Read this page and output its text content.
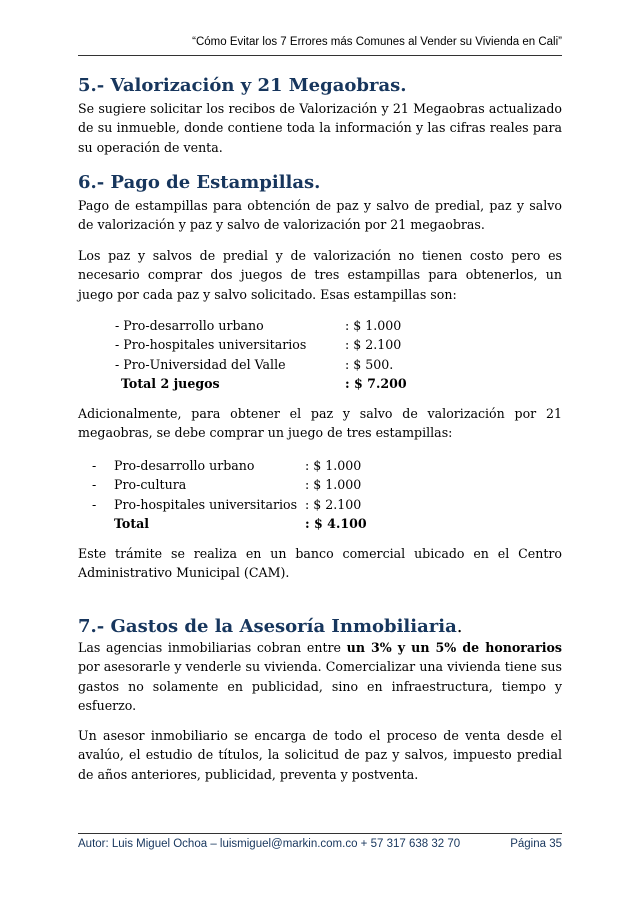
“Cómo Evitar los 7 Errores más Comunes al Vender su Vivienda en Cali”
5.- Valorización y 21 Megaobras.

Se sugiere solicitar los recibos de Valorización y 21 Megaobras actualizado de su inmueble, donde contiene toda la información y las cifras reales para su operación de venta.

6.- Pago de Estampillas.

Pago de estampillas para obtención de paz y salvo de predial, paz y salvo de valorización y paz y salvo de valorización por 21 megaobras.

Los paz y salvos de predial y de valorización no tienen costo pero es necesario comprar dos juegos de tres estampillas para obtenerlos, un juego por cada paz y salvo solicitado. Esas estampillas son:

- Pro-desarrollo urbano	: $ 1.000
- Pro-hospitales universitarios	: $ 2.100
- Pro-Universidad del Valle	: $ 500.
Total 2 juegos	: $ 7.200

Adicionalmente, para obtener el paz y salvo de valorización por 21 megaobras, se debe comprar un juego de tres estampillas:

-	Pro-desarrollo urbano	: $ 1.000
-	Pro-cultura	: $ 1.000
-	Pro-hospitales universitarios : $ 2.100
Total	: $ 4.100

Este trámite se realiza en un banco comercial ubicado en el Centro Administrativo Municipal (CAM).

7.- Gastos de la Asesoría Inmobiliaria.

Las agencias inmobiliarias cobran entre un 3% y un 5% de honorarios por asesorarle y venderle su vivienda. Comercializar una vivienda tiene sus gastos no solamente en publicidad, sino en infraestructura, tiempo y esfuerzo.

Un asesor inmobiliario se encarga de todo el proceso de venta desde el avalúo, el estudio de títulos, la solicitud de paz y salvos, impuesto predial de años anteriores, publicidad, preventa y postventa.

Autor: Luis Miguel Ochoa – luismiguel@markin.com.co + 57 317 638 32 70	Página 35
